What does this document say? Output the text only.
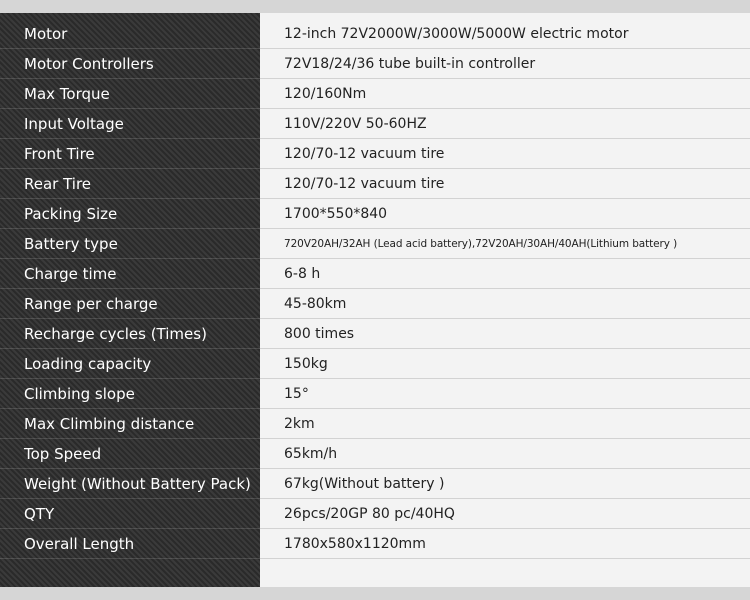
Motor	12-inch 72V2000W/3000W/5000W electric motor
Motor Controllers	72V18/24/36 tube built-in controller
Max Torque	120/160Nm
Input Voltage	110V/220V 50-60HZ
Front Tire	120/70-12 vacuum tire
Rear Tire	120/70-12 vacuum tire
Packing Size	1700*550*840
Battery type	720V20AH/32AH (Lead acid battery),72V20AH/30AH/40AH(Lithium battery )
Charge time	6-8 h
Range per charge	45-80km
Recharge cycles (Times)	800 times
Loading capacity	150kg
Climbing slope	15°
Max Climbing distance	2km
Top Speed	65km/h
Weight (Without Battery Pack)	67kg(Without battery )
QTY	26pcs/20GP 80 pc/40HQ
Overall Length	1780x580x1120mm
